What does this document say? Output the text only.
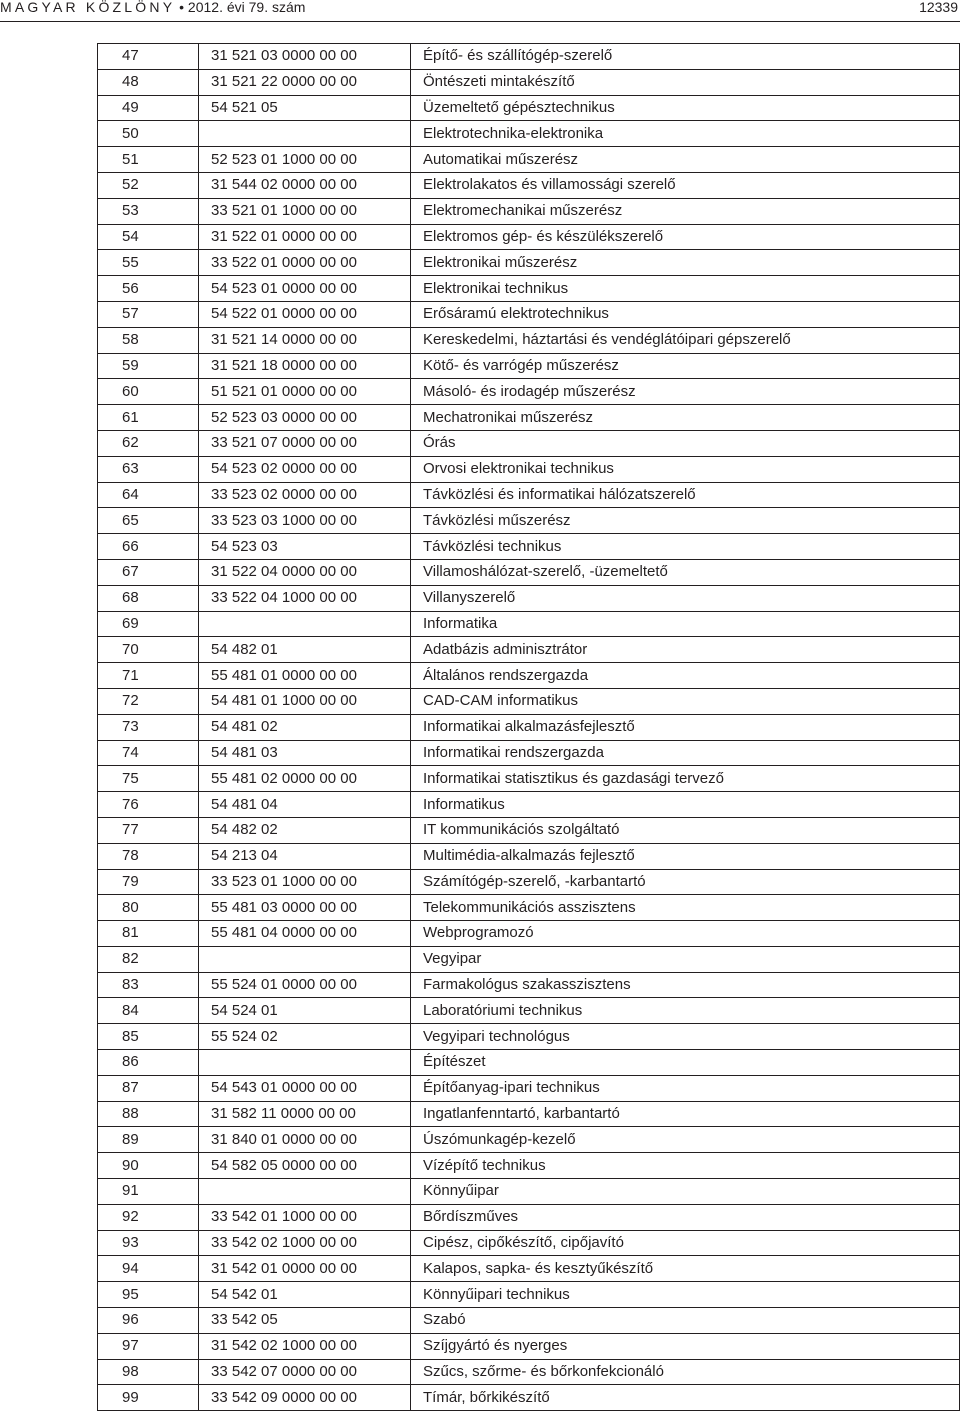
MAGYAR KÖZLÖNY • 2012. évi 79. szám	12339
47	31 521 03 0000 00 00	Építő- és szállítógép-szerelő
48	31 521 22 0000 00 00	Öntészeti mintakészítő
49	54 521 05	Üzemeltető gépésztechnikus
50		Elektrotechnika-elektronika
51	52 523 01 1000 00 00	Automatikai műszerész
52	31 544 02 0000 00 00	Elektrolakatos és villamossági szerelő
53	33 521 01 1000 00 00	Elektromechanikai műszerész
54	31 522 01 0000 00 00	Elektromos gép- és készülékszerelő
55	33 522 01 0000 00 00	Elektronikai műszerész
56	54 523 01 0000 00 00	Elektronikai technikus
57	54 522 01 0000 00 00	Erősáramú elektrotechnikus
58	31 521 14 0000 00 00	Kereskedelmi, háztartási és vendéglátóipari gépszerelő
59	31 521 18 0000 00 00	Kötő- és varrógép műszerész
60	51 521 01 0000 00 00	Másoló- és irodagép műszerész
61	52 523 03 0000 00 00	Mechatronikai műszerész
62	33 521 07 0000 00 00	Órás
63	54 523 02 0000 00 00	Orvosi elektronikai technikus
64	33 523 02 0000 00 00	Távközlési és informatikai hálózatszerelő
65	33 523 03 1000 00 00	Távközlési műszerész
66	54 523 03	Távközlési technikus
67	31 522 04 0000 00 00	Villamoshálózat-szerelő, -üzemeltető
68	33 522 04 1000 00 00	Villanyszerelő
69		Informatika
70	54 482 01	Adatbázis adminisztrátor
71	55 481 01 0000 00 00	Általános rendszergazda
72	54 481 01 1000 00 00	CAD-CAM informatikus
73	54 481 02	Informatikai alkalmazásfejlesztő
74	54 481 03	Informatikai rendszergazda
75	55 481 02 0000 00 00	Informatikai statisztikus és gazdasági tervező
76	54 481 04	Informatikus
77	54 482 02	IT kommunikációs szolgáltató
78	54 213 04	Multimédia-alkalmazás fejlesztő
79	33 523 01 1000 00 00	Számítógép-szerelő, -karbantartó
80	55 481 03 0000 00 00	Telekommunikációs asszisztens
81	55 481 04 0000 00 00	Webprogramozó
82		Vegyipar
83	55 524 01 0000 00 00	Farmakológus szakasszisztens
84	54 524 01	Laboratóriumi technikus
85	55 524 02	Vegyipari technológus
86		Építészet
87	54 543 01 0000 00 00	Építőanyag-ipari technikus
88	31 582 11 0000 00 00	Ingatlanfenntartó, karbantartó
89	31 840 01 0000 00 00	Úszómunkagép-kezelő
90	54 582 05 0000 00 00	Vízépítő technikus
91		Könnyűipar
92	33 542 01 1000 00 00	Bőrdíszműves
93	33 542 02 1000 00 00	Cipész, cipőkészítő, cipőjavító
94	31 542 01 0000 00 00	Kalapos, sapka- és kesztyűkészítő
95	54 542 01	Könnyűipari technikus
96	33 542 05	Szabó
97	31 542 02 1000 00 00	Szíjgyártó és nyerges
98	33 542 07 0000 00 00	Szűcs, szőrme- és bőrkonfekcionáló
99	33 542 09 0000 00 00	Tímár, bőrkikészítő
